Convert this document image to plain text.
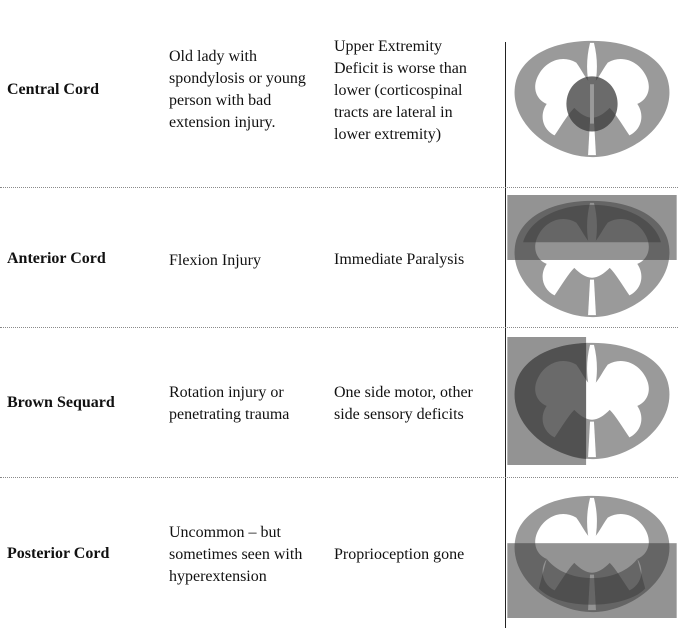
Central Cord
Old lady with
spondylosis or young
person with bad
extension injury.
Upper Extremity
Deficit is worse than
lower (corticospinal
tracts are lateral in
lower extremity)
Anterior Cord	Flexion Injury	Immediate Paralysis
Brown Sequard
Rotation injury or
penetrating trauma
One side motor, other
side sensory deficits
Posterior Cord
Uncommon – but
sometimes seen with
hyperextension
Proprioception gone
